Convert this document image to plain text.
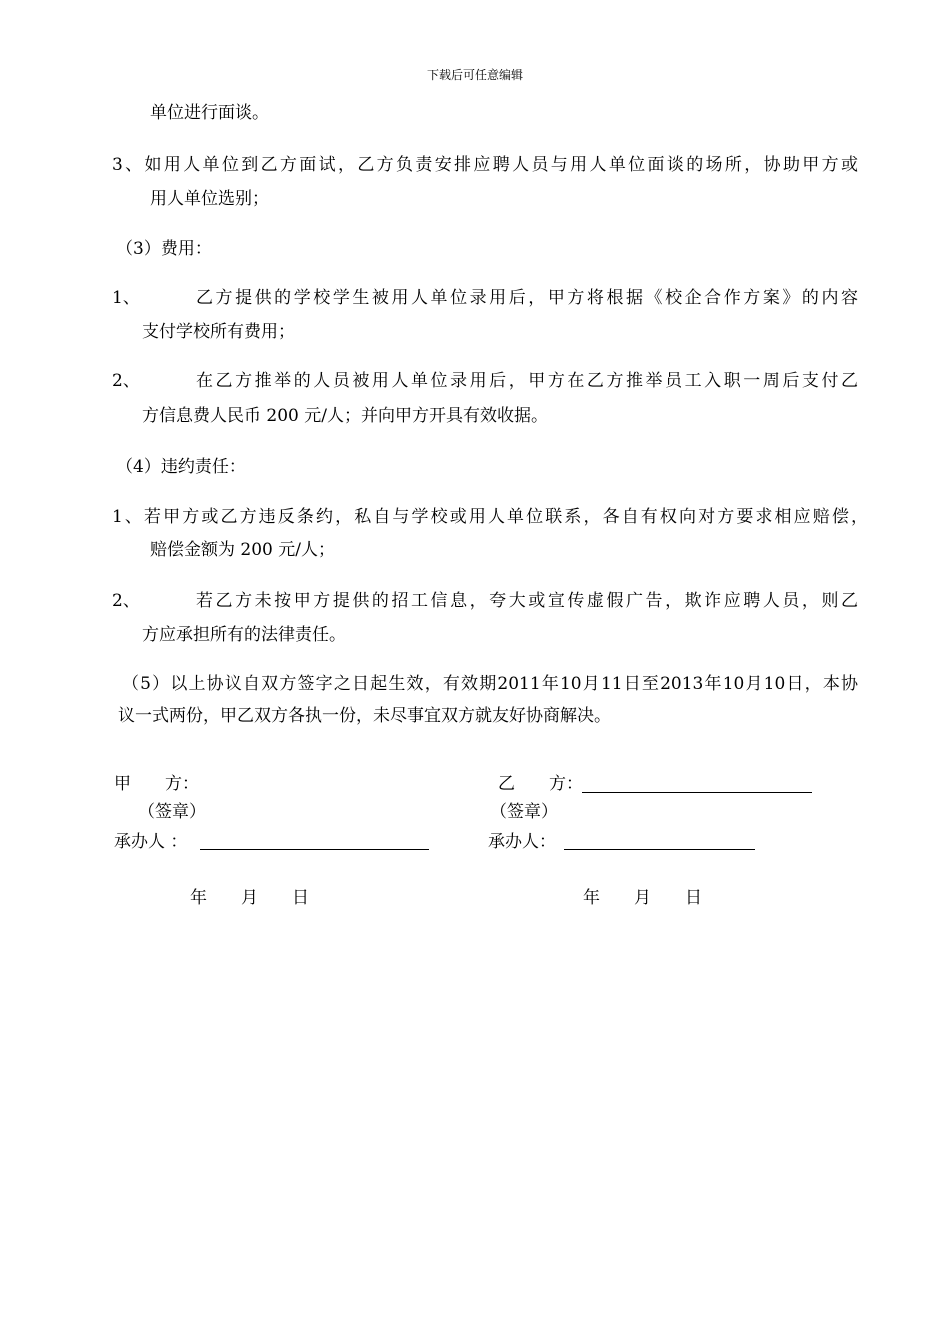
下载后可任意编辑
单位进行面谈。
3、如用人单位到乙方面试，乙方负责安排应聘人员与用人单位面谈的场所，协助甲方或
用人单位选别；
（3）费用：
1、	乙方提供的学校学生被用人单位录用后，甲方将根据《校企合作方案》的内容
支付学校所有费用；
2、	在乙方推举的人员被用人单位录用后，甲方在乙方推举员工入职一周后支付乙
方信息费人民币 200 元/人；并向甲方开具有效收据。
（4）违约责任：
1、若甲方或乙方违反条约，私自与学校或用人单位联系，各自有权向对方要求相应赔偿，
赔偿金额为 200 元/人；
2、	若乙方未按甲方提供的招工信息，夸大或宣传虚假广告，欺诈应聘人员，则乙
方应承担所有的法律责任。
（5）以上协议自双方签字之日起生效，有效期2011年10月11日至2013年10月10日，本协
议一式两份，甲乙双方各执一份，未尽事宜双方就友好协商解决。
甲　　方：	乙　　方：
（签章）	（签章）
承办人 ：	承办人：
年　　月　　日	年　　月　　日
